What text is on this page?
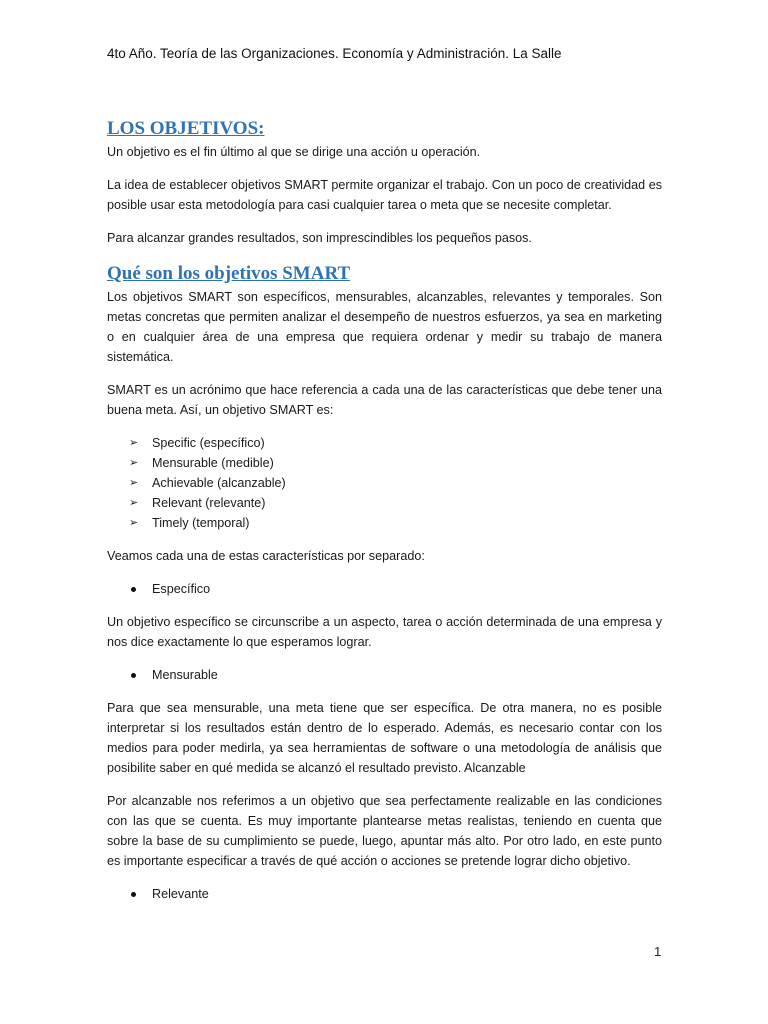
4to Año. Teoría de las Organizaciones. Economía y Administración. La Salle
LOS OBJETIVOS:

Un objetivo es el fin último al que se dirige una acción u operación.

La idea de establecer objetivos SMART permite organizar el trabajo. Con un poco de creatividad es posible usar esta metodología para casi cualquier tarea o meta que se necesite completar.

Para alcanzar grandes resultados, son imprescindibles los pequeños pasos.

Qué son los objetivos SMART

Los objetivos SMART son específicos, mensurables, alcanzables, relevantes y temporales. Son metas concretas que permiten analizar el desempeño de nuestros esfuerzos, ya sea en marketing o en cualquier área de una empresa que requiera ordenar y medir su trabajo de manera sistemática.

SMART es un acrónimo que hace referencia a cada una de las características que debe tener una buena meta. Así, un objetivo SMART es:

➢ Specific (específico)
➢ Mensurable (medible)
➢ Achievable (alcanzable)
➢ Relevant (relevante)
➢ Timely (temporal)

Veamos cada una de estas características por separado:

Específico

Un objetivo específico se circunscribe a un aspecto, tarea o acción determinada de una empresa y nos dice exactamente lo que esperamos lograr.

Mensurable

Para que sea mensurable, una meta tiene que ser específica. De otra manera, no es posible interpretar si los resultados están dentro de lo esperado. Además, es necesario contar con los medios para poder medirla, ya sea herramientas de software o una metodología de análisis que posibilite saber en qué medida se alcanzó el resultado previsto. Alcanzable

Por alcanzable nos referimos a un objetivo que sea perfectamente realizable en las condiciones con las que se cuenta. Es muy importante plantearse metas realistas, teniendo en cuenta que sobre la base de su cumplimiento se puede, luego, apuntar más alto. Por otro lado, en este punto es importante especificar a través de qué acción o acciones se pretende lograr dicho objetivo.

Relevante
1
